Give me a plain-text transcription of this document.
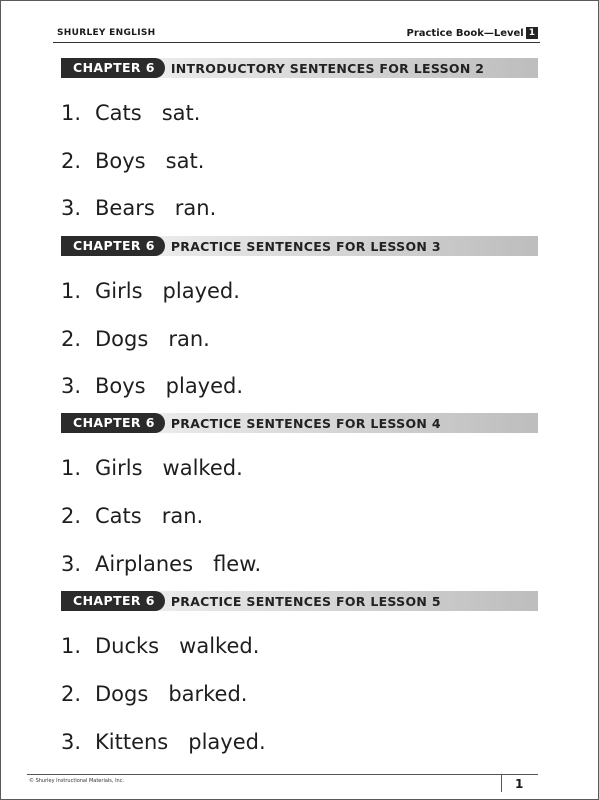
SHURLEY ENGLISH	Practice Book—Level 1
CHAPTER 6	INTRODUCTORY SENTENCES FOR LESSON 2
1. Cats   sat.
2. Boys   sat.
3. Bears   ran.
CHAPTER 6	PRACTICE SENTENCES FOR LESSON 3
1. Girls   played.
2. Dogs   ran.
3. Boys   played.
CHAPTER 6	PRACTICE SENTENCES FOR LESSON 4
1. Girls   walked.
2. Cats   ran.
3. Airplanes   flew.
CHAPTER 6	PRACTICE SENTENCES FOR LESSON 5
1. Ducks   walked.
2. Dogs   barked.
3. Kittens   played.
© Shurley Instructional Materials, Inc.	1
